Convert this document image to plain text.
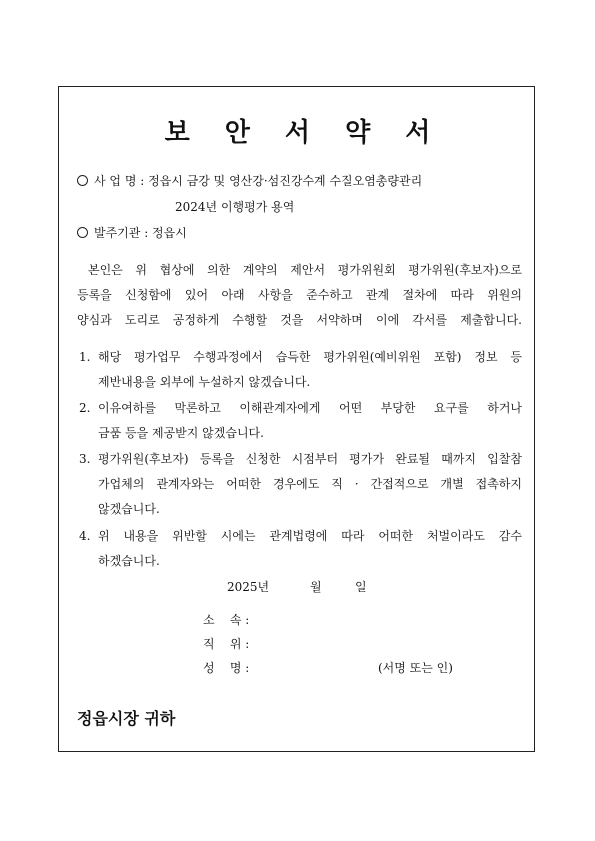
보 안 서 약 서
사 업 명 : 정읍시 금강 및 영산강·섬진강수계 수질오염총량관리
2024년 이행평가 용역
발주기관 : 정읍시
본인은 위 협상에 의한 계약의 제안서 평가위원회 평가위원(후보자)으로
등록을 신청함에 있어 아래 사항을 준수하고 관계 절차에 따라 위원의
양심과 도리로 공정하게 수행할 것을 서약하며 이에 각서를 제출합니다.
1. 해당 평가업무 수행과정에서 습득한 평가위원(예비위원 포함) 정보 등
제반내용을 외부에 누설하지 않겠습니다.
2. 이유여하를 막론하고 이해관계자에게 어떤 부당한 요구를 하거나
금품 등을 제공받지 않겠습니다.
3. 평가위원(후보자) 등록을 신청한 시점부터 평가가 완료될 때까지 입찰참
가업체의 관계자와는 어떠한 경우에도 직 · 간접적으로 개별 접촉하지
않겠습니다.
4. 위 내용을 위반할 시에는 관계법령에 따라 어떠한 처벌이라도 감수
하겠습니다.
2025년	월	일
소    속 :
직    위 :
성    명 :	(서명 또는 인)
정읍시장 귀하
